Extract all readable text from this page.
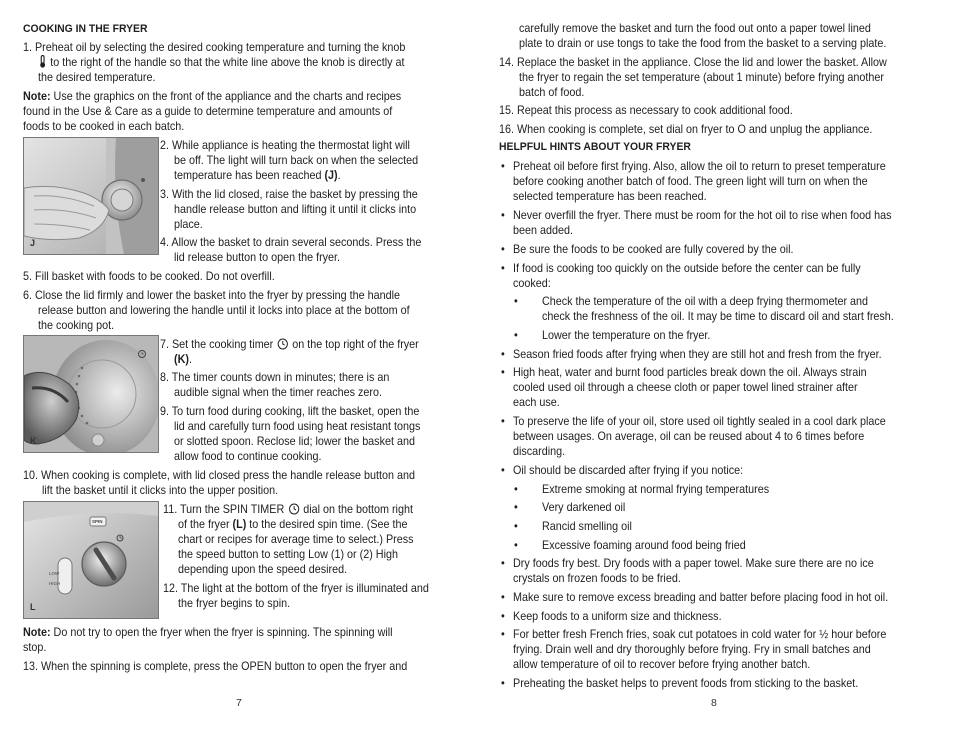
COOKING IN THE FRYER
1. Preheat oil by selecting the desired cooking temperature and turning the knob
to the right of the handle so that the white line above the knob is directly at
the desired temperature.
Note: Use the graphics on the front of the appliance and the charts and recipes
found in the Use & Care as a guide to determine temperature and amounts of
foods to be cooked in each batch.
J
2. While appliance is heating the thermostat light will
be off. The light will turn back on when the selected
temperature has been reached (J).
3. With the lid closed, raise the basket by pressing the
handle release button and lifting it until it clicks into
place.
4. Allow the basket to drain several seconds. Press the
lid release button to open the fryer.
5. Fill basket with foods to be cooked. Do not overfill.
6. Close the lid firmly and lower the basket into the fryer by pressing the handle
release button and lowering the handle until it locks into place at the bottom of
the cooking pot.
K
7. Set the cooking timer  on the top right of the fryer
(K).
8. The timer counts down in minutes; there is an
audible signal when the timer reaches zero.
9. To turn food during cooking, lift the basket, open the
lid and carefully turn food using heat resistant tongs
or slotted spoon. Reclose lid; lower the basket and
allow food to continue cooking.
10. When cooking is complete, with lid closed press the handle release button and
lift the basket until it clicks into the upper position.
SPIN
LOW
HIGH
L
11. Turn the SPIN TIMER  dial on the bottom right
of the fryer (L) to the desired spin time. (See the
chart or recipes for average time to select.) Press
the speed button to setting Low (1) or (2) High
depending upon the speed desired.
12. The light at the bottom of the fryer is illuminated and
the fryer begins to spin.
Note: Do not try to open the fryer when the fryer is spinning. The spinning will
stop.
13. When the spinning is complete, press the OPEN button to open the fryer and
7
carefully remove the basket and turn the food out onto a paper towel lined
plate to drain or use tongs to take the food from the basket to a serving plate.
14. Replace the basket in the appliance. Close the lid and lower the basket. Allow
the fryer to regain the set temperature (about 1 minute) before frying another
batch of food.
15. Repeat this process as necessary to cook additional food.
16. When cooking is complete, set dial on fryer to O and unplug the appliance.
HELPFUL HINTS ABOUT YOUR FRYER
• Preheat oil before first frying. Also, allow the oil to return to preset temperature
before cooking another batch of food. The green light will turn on when the
selected temperature has been reached.
• Never overfill the fryer. There must be room for the hot oil to rise when food has
been added.
• Be sure the foods to be cooked are fully covered by the oil.
• If food is cooking too quickly on the outside before the center can be fully
cooked:
• Check the temperature of the oil with a deep frying thermometer and
check the freshness of the oil. It may be time to discard oil and start fresh.
• Lower the temperature on the fryer.
• Season fried foods after frying when they are still hot and fresh from the fryer.
• High heat, water and burnt food particles break down the oil. Always strain
cooled used oil through a cheese cloth or paper towel lined strainer after
each use.
• To preserve the life of your oil, store used oil tightly sealed in a cool dark place
between usages. On average, oil can be reused about 4 to 6 times before
discarding.
• Oil should be discarded after frying if you notice:
• Extreme smoking at normal frying temperatures
• Very darkened oil
• Rancid smelling oil
• Excessive foaming around food being fried
• Dry foods fry best. Dry foods with a paper towel. Make sure there are no ice
crystals on frozen foods to be fried.
• Make sure to remove excess breading and batter before placing food in hot oil.
• Keep foods to a uniform size and thickness.
• For better fresh French fries, soak cut potatoes in cold water for ½ hour before
frying. Drain well and dry thoroughly before frying. Fry in small batches and
allow temperature of oil to recover before frying another batch.
• Preheating the basket helps to prevent foods from sticking to the basket.
8
